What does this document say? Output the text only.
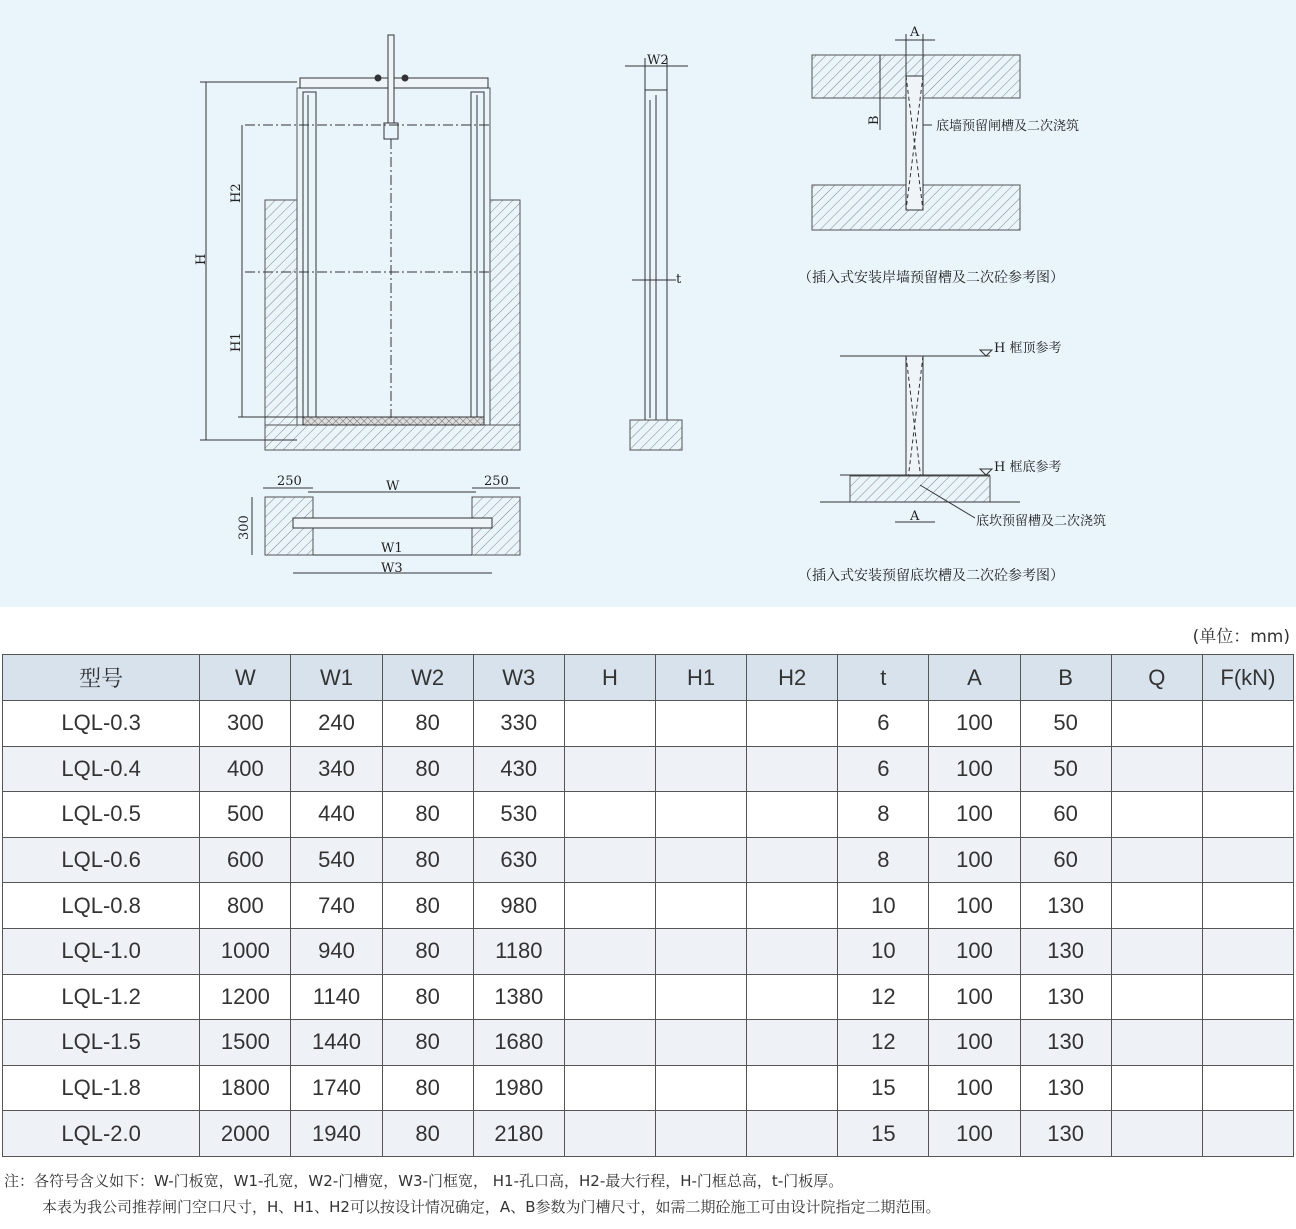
H
H2
H1
W2
t
250	250
W
W1
W3
300
A
B	底墙预留闸槽及二次浇筑
（插入式安装岸墙预留槽及二次砼参考图）
H 框顶参考
H 框底参考
A	底坎预留槽及二次浇筑
（插入式安装预留底坎槽及二次砼参考图）
(单位：mm)
型号	W	W1	W2	W3	H	H1	H2	t	A	B	Q	F(kN)
LQL-0.3	300	240	80	330				6	100	50		
LQL-0.4	400	340	80	430				6	100	50		
LQL-0.5	500	440	80	530				8	100	60		
LQL-0.6	600	540	80	630				8	100	60		
LQL-0.8	800	740	80	980				10	100	130		
LQL-1.0	1000	940	80	1180				10	100	130		
LQL-1.2	1200	1140	80	1380				12	100	130		
LQL-1.5	1500	1440	80	1680				12	100	130		
LQL-1.8	1800	1740	80	1980				15	100	130		
LQL-2.0	2000	1940	80	2180				15	100	130		
注：各符号含义如下：W-门板宽，W1-孔宽，W2-门槽宽，W3-门框宽， H1-孔口高，H2-最大行程，H-门框总高，t-门板厚。
本表为我公司推荐闸门空口尺寸，H、H1、H2可以按设计情况确定，A、B参数为门槽尺寸，如需二期砼施工可由设计院指定二期范围。
